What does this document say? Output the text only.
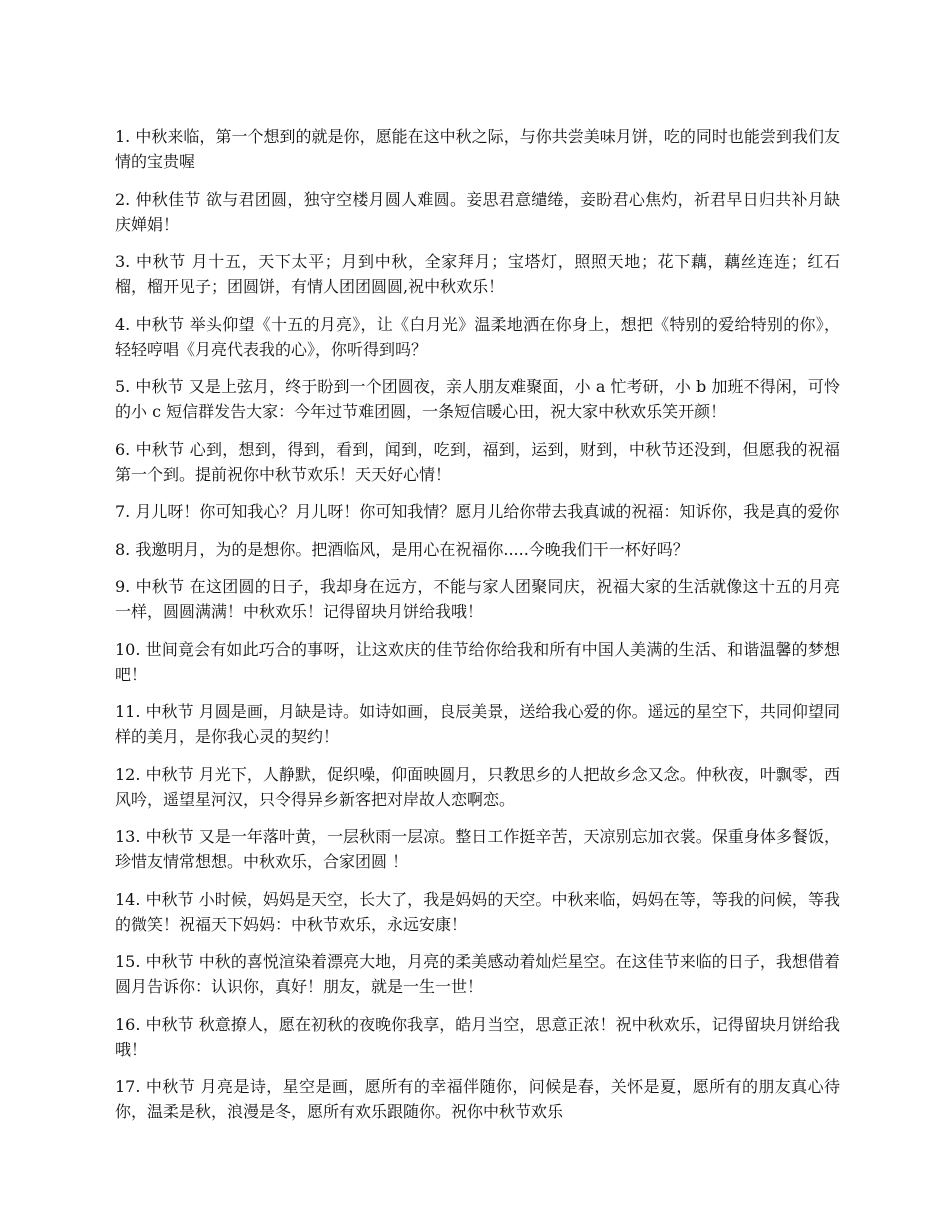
1. 中秋来临，第一个想到的就是你，愿能在这中秋之际，与你共尝美味月饼，吃的同时也能尝到我们友情的宝贵喔

2. 仲秋佳节 欲与君团圆，独守空楼月圆人难圆。妾思君意缱绻，妾盼君心焦灼，祈君早日归共补月缺庆婵娟！

3. 中秋节 月十五，天下太平；月到中秋，全家拜月；宝塔灯，照照天地；花下藕，藕丝连连；红石榴，榴开见子；团圆饼，有情人团团圆圆,祝中秋欢乐！

4. 中秋节 举头仰望《十五的月亮》，让《白月光》温柔地洒在你身上，想把《特别的爱给特别的你》，轻轻哼唱《月亮代表我的心》，你听得到吗？

5. 中秋节 又是上弦月，终于盼到一个团圆夜，亲人朋友难聚面，小 a 忙考研，小 b 加班不得闲，可怜的小 c 短信群发告大家：今年过节难团圆，一条短信暖心田，祝大家中秋欢乐笑开颜！

6. 中秋节 心到，想到，得到，看到，闻到，吃到，福到，运到，财到，中秋节还没到，但愿我的祝福第一个到。提前祝你中秋节欢乐！天天好心情！

7. 月儿呀！你可知我心？月儿呀！你可知我情？愿月儿给你带去我真诚的祝福：知诉你，我是真的爱你

8. 我邀明月，为的是想你。把酒临风，是用心在祝福你.....今晚我们干一杯好吗？

9. 中秋节 在这团圆的日子，我却身在远方，不能与家人团聚同庆，祝福大家的生活就像这十五的月亮一样，圆圆满满！中秋欢乐！记得留块月饼给我哦！

10. 世间竟会有如此巧合的事呀，让这欢庆的佳节给你给我和所有中国人美满的生活、和谐温馨的梦想吧！

11. 中秋节 月圆是画，月缺是诗。如诗如画，良辰美景，送给我心爱的你。遥远的星空下，共同仰望同样的美月，是你我心灵的契约！

12. 中秋节 月光下，人静默，促织噪，仰面映圆月，只教思乡的人把故乡念又念。仲秋夜，叶飘零，西风吟，遥望星河汉，只令得异乡新客把对岸故人恋啊恋。

13. 中秋节 又是一年落叶黄，一层秋雨一层凉。整日工作挺辛苦，天凉别忘加衣裳。保重身体多餐饭，珍惜友情常想想。中秋欢乐，合家团圆 ！

14. 中秋节 小时候，妈妈是天空，长大了，我是妈妈的天空。中秋来临，妈妈在等，等我的问候，等我的微笑！祝福天下妈妈：中秋节欢乐，永远安康！

15. 中秋节 中秋的喜悦渲染着漂亮大地，月亮的柔美感动着灿烂星空。在这佳节来临的日子，我想借着圆月告诉你：认识你，真好！朋友，就是一生一世！

16. 中秋节 秋意撩人，愿在初秋的夜晚你我享，皓月当空，思意正浓！祝中秋欢乐，记得留块月饼给我哦！

17. 中秋节 月亮是诗，星空是画，愿所有的幸福伴随你，问候是春，关怀是夏，愿所有的朋友真心待你，温柔是秋，浪漫是冬，愿所有欢乐跟随你。祝你中秋节欢乐
